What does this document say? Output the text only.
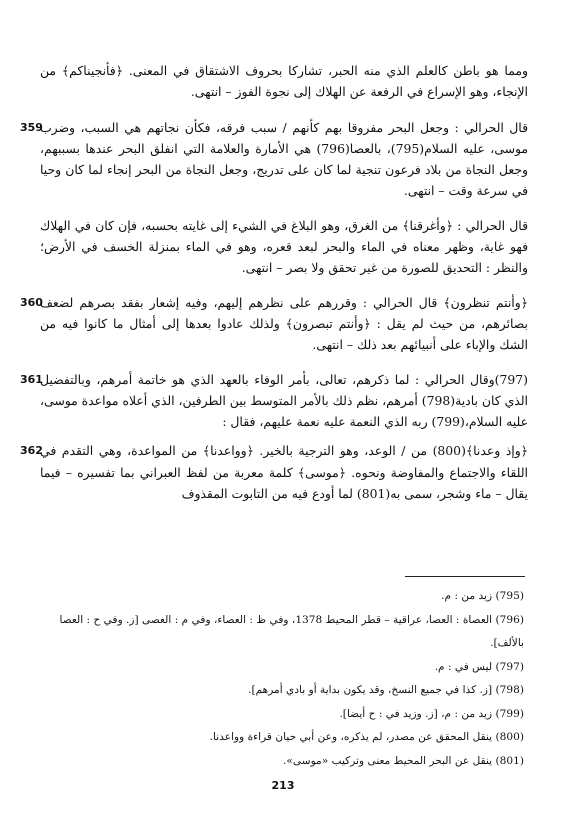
ومما هو باطن كالعلم الذي منه الحبر، تشاركا بحروف الاشتقاق في المعنى. ﴿فأنجيناكم﴾ من الإنجاء، وهو الإسراع في الرفعة عن الهلاك إلى نجوة الفوز – انتهى.

359
قال الحرالي : وجعل البحر مفروقا بهم كأنهم / سبب فرقه، فكأن نجاتهم هي السبب، وضرب موسى، عليه السلام(795)، بالعصا(796) هي الأمارة والعلامة التي انفلق البحر عندها بسببهم، وجعل النجاة من بلاد فرعون تنجية لما كان على تدريج، وجعل النجاة من البحر إنجاء لما كان وحيا في سرعة وقت – انتهى.

قال الحرالي : ﴿وأغرقنا﴾ من الغرق، وهو البلاغ في الشيء إلى غايته بحسبه، فإن كان في الهلاك فهو غاية، وظهر معناه في الماء والبحر لبعد قعره، وهو في الماء بمنزلة الخسف في الأرض؛ والنظر : التحديق للصورة من غير تحقق ولا بصر – انتهى.

360
﴿وأنتم تنظرون﴾ قال الحرالي : وقررهم على نظرهم إليهم، وفيه إشعار بفقد بصرهم لضعف بصائرهم، من حيث لم يقل : ﴿وأنتم تبصرون﴾ ولذلك عادوا بعدها إلى أمثال ما كانوا فيه من الشك والإباء على أنبيائهم بعد ذلك – انتهى.

361
(797)وقال الحرالي : لما ذكرهم، تعالى، بأمر الوفاء بالعهد الذي هو خاتمة أمرهم، وبالتفضيل الذي كان بادية(798) أمرهم، نظم ذلك بالأمر المتوسط بين الطرفين، الذي أعلاه مواعدة موسى، عليه السلام،(799) ربه الذي النعمة عليه نعمة عليهم، فقال :

362
﴿وإذ وعدنا﴾(800) من / الوعد، وهو الترجية بالخير. ﴿وواعدنا﴾ من المواعدة، وهي التقدم في اللقاء والاجتماع والمفاوضة ونحوه. ﴿موسى﴾ كلمة معربة من لفظ العبراني بما تفسيره – فيما يقال – ماء وشجر، سمى به(801) لما أودع فيه من التابوت المقذوف

(795) زيد من : م.

(796) العصاة : العصا، عراقية – قطر المحيط 1378، وفي ظ : العصاء، وفي م : العصى [ز. وفي ح : العصا بالألف].

(797) ليس في : م.

(798) [ز. كذا في جميع النسخ، وقد يكون بداية أو بادي أمرهم].

(799) زيد من : م، [ز. وزيد في : ح أيضا].

(800) ينقل المحقق عن مصدر، لم يذكره، وعن أبي حيان قراءة وواعدنا.

(801) ينقل عن البحر المحيط معنى وتركيب «موسى».

213
